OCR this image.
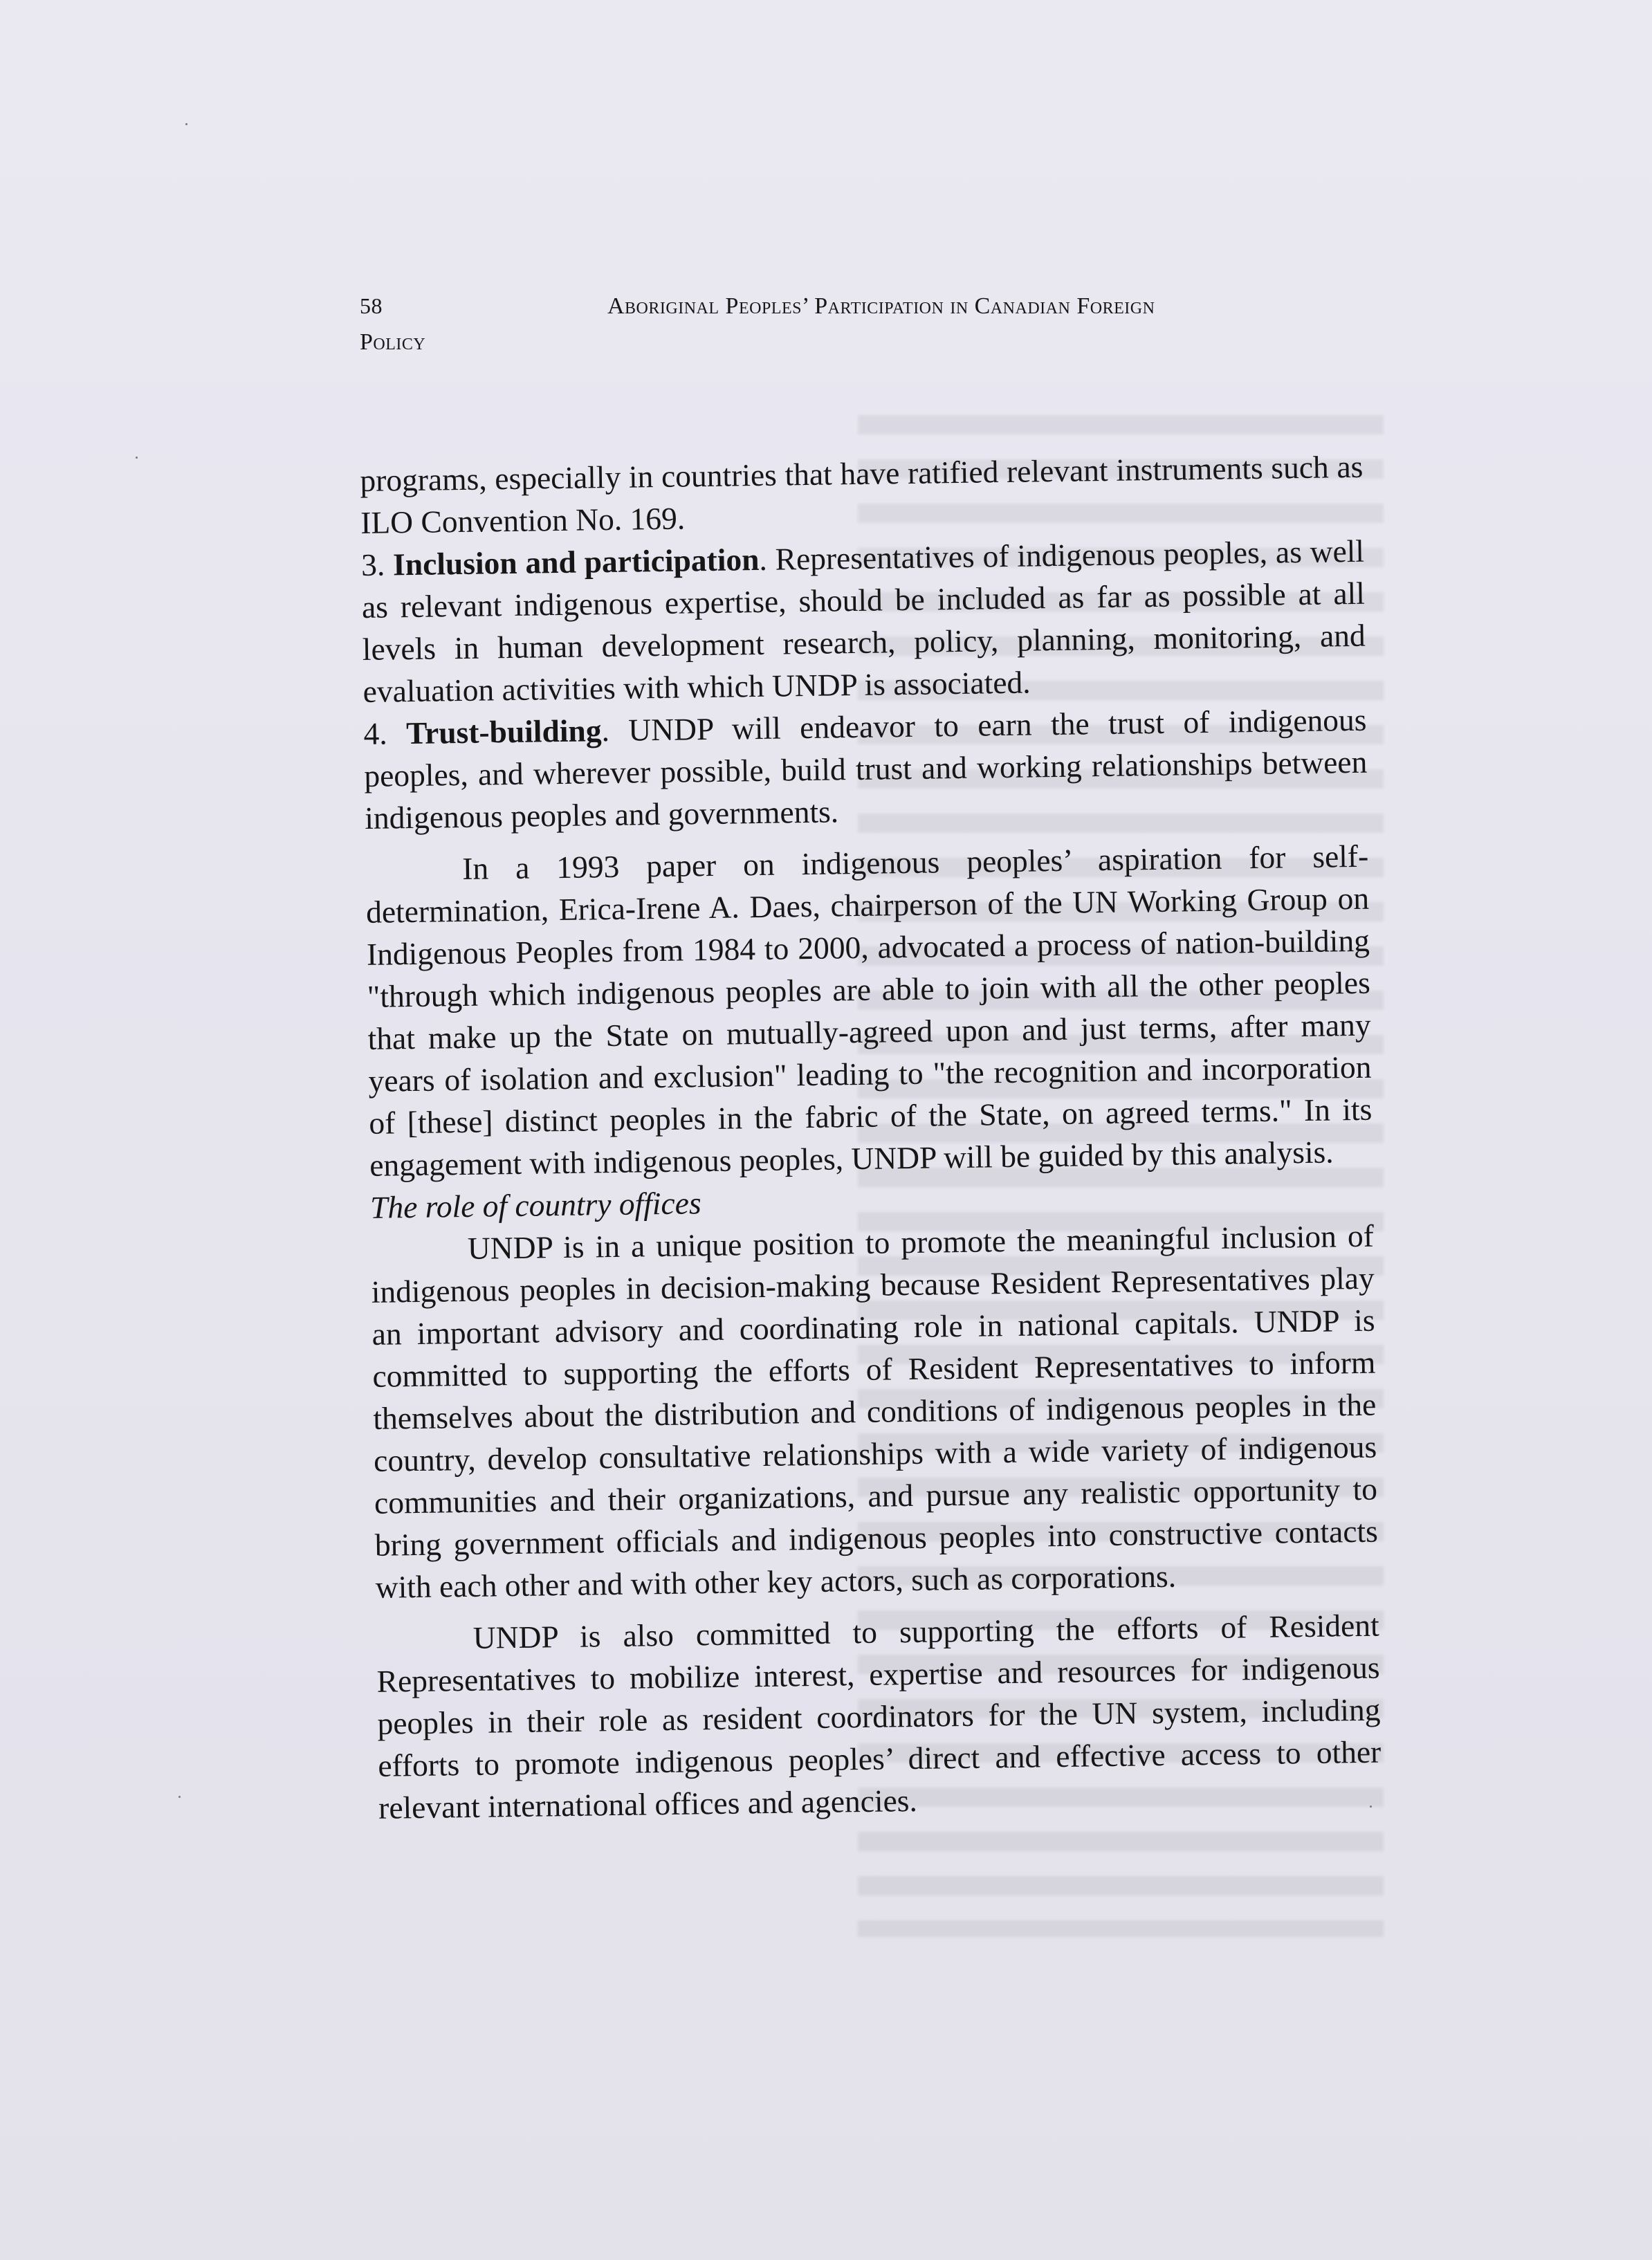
58	Aboriginal Peoples’ Participation in Canadian Foreign
Policy

programs, especially in countries that have ratified relevant instruments such as ILO Convention No. 169.

3. Inclusion and participation. Representatives of indigenous peoples, as well as relevant indigenous expertise, should be included as far as possible at all levels in human development research, policy, planning, monitoring, and evaluation activities with which UNDP is associated.

4. Trust-building. UNDP will endeavor to earn the trust of indigenous peoples, and wherever possible, build trust and working relationships between indigenous peoples and governments.

In a 1993 paper on indigenous peoples’ aspiration for self-determination, Erica-Irene A. Daes, chairperson of the UN Working Group on Indigenous Peoples from 1984 to 2000, advocated a process of nation-building "through which indigenous peoples are able to join with all the other peoples that make up the State on mutually-agreed upon and just terms, after many years of isolation and exclusion" leading to "the recognition and incorporation of [these] distinct peoples in the fabric of the State, on agreed terms." In its engagement with indigenous peoples, UNDP will be guided by this analysis.

The role of country offices

UNDP is in a unique position to promote the meaningful inclusion of indigenous peoples in decision-making because Resident Representatives play an important advisory and coordinating role in national capitals. UNDP is committed to supporting the efforts of Resident Representatives to inform themselves about the distribution and conditions of indigenous peoples in the country, develop consultative relationships with a wide variety of indigenous communities and their organizations, and pursue any realistic opportunity to bring government officials and indigenous peoples into constructive contacts with each other and with other key actors, such as corporations.

UNDP is also committed to supporting the efforts of Resident Representatives to mobilize interest, expertise and resources for indigenous peoples in their role as resident coordinators for the UN system, including efforts to promote indigenous peoples’ direct and effective access to other relevant international offices and agencies.
